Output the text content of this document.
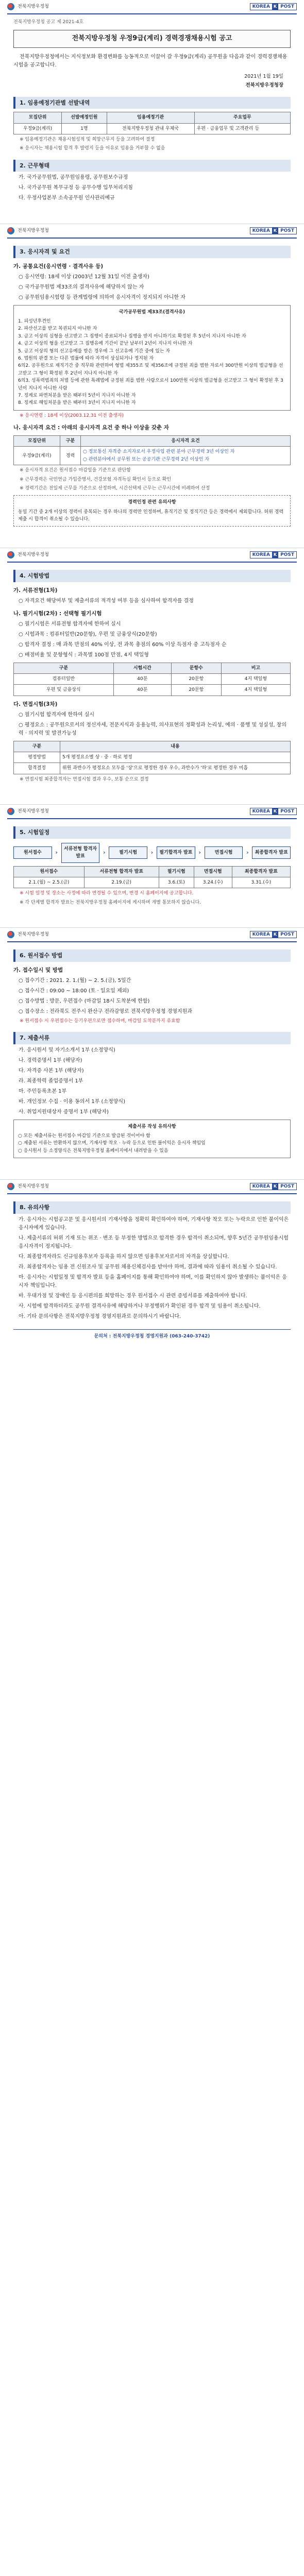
전북지방우정청	KOREA K POST
전북지방우정청 공고 제 2021-4호
전북지방우정청 우정9급(계리) 경력경쟁채용시험 공고
전북지방우정청에서는 지식정보화 환경변화를 능동적으로 이끌어 갈 우정9급(계리) 공무원을 다음과 같이 경력경쟁채용 시험을 공고합니다.
2021년 1월 19일
전북지방우정청장
1. 임용예정기관별 선발내역
모집단위	선발예정인원	임용예정기관	주요업무
우정9급(계리)	1명	전북지방우정청 관내 우체국	우편 · 금융업무 및 고객관리 등
※ 임용예정기관은 채용시험성적 및 희망근무지 등을 고려하여 결정
※ 응시자는 채용시험 합격 후 발령지 등을 이유로 임용을 거부할 수 없음
2. 근무형태
가. 국가공무원법, 공무원임용령, 공무원보수규정
나. 국가공무원 복무규정 등 공무수행 입무처리지침
다. 우정사업본부 소속공무원 인사관리예규
전북지방우정청	KOREA K POST
3. 응시자격 및 요건
가. 공통요건(응시연령 · 결격사유 등)
○ 응시연령: 18세 이상 (2003년 12월 31일 이전 출생자)
○ 국가공무원법 제33조의 결격사유에 해당하지 않는 자
○ 공무원임용시험령 등 관계법령에 의하여 응시자격이 정지되지 아니한 자
국가공무원법 제33조(결격사유)
1. 피성년후견인
2. 파산선고를 받고 복권되지 아니한 자
3. 금고 이상의 실형을 선고받고 그 집행이 종료되거나 집행을 받지 아니하기로 확정된 후 5년이 지나지 아니한 자
4. 금고 이상의 형을 선고받고 그 집행유예 기간이 끝난 날부터 2년이 지나지 아니한 자
5. 금고 이상의 형의 선고유예를 받은 경우에 그 선고유예 기간 중에 있는 자
6. 법원의 판결 또는 다른 법률에 따라 자격이 상실되거나 정지된 자
6의2. 공무원으로 재직기간 중 직무와 관련하여 형법 제355조 및 제356조에 규정된 죄를 범한 자로서 300만원 이상의 벌금형을 선고받고 그 형이 확정된 후 2년이 지나지 아니한 자
6의3. 성폭력범죄의 처벌 등에 관한 특례법에 규정된 죄를 범한 사람으로서 100만원 이상의 벌금형을 선고받고 그 형이 확정된 후 3년이 지나지 아니한 사람
7. 징계로 파면처분을 받은 때부터 5년이 지나지 아니한 자
8. 징계로 해임처분을 받은 때부터 3년이 지나지 아니한 자
※ 응시연령 : 18세 이상(2003.12.31 이전 출생자)
나. 응시자격 요건 : 아래의 응시자격 요건 중 하나 이상을 갖춘 자
모집단위	구분	응시자격 요건
우정9급(계리)	경력	○ 정보통신 자격증 소지자로서 우정사업 관련 분야 근무경력 3년 이상인 자
○ 관련분야에서 공무원 또는 공공기관 근무경력 2년 이상인 자
※ 응시자격 요건은 원서접수 마감일을 기준으로 판단함
※ 근무경력은 국민연금 가입증명서, 건강보험 자격득실 확인서 등으로 확인
※ 경력기간은 전일제 근무를 기준으로 산정하며, 시간선택제 근무는 근무시간에 비례하여 산정
경력인정 관련 유의사항
동일 기간 중 2개 이상의 경력이 중복되는 경우 하나의 경력만 인정하며, 휴직기간 및 정직기간 등은 경력에서 제외합니다. 허위 경력 제출 시 합격이 취소될 수 있습니다.
전북지방우정청	KOREA K POST
4. 시험방법
가. 서류전형(1차)
○ 자격요건 해당여부 및 제출서류의 적격성 여부 등을 심사하여 합격자를 결정
나. 필기시험(2차) : 선택형 필기시험
○ 필기시험은 서류전형 합격자에 한하여 실시
○ 시험과목 : 컴퓨터일반(20문항), 우편 및 금융상식(20문항)
○ 합격자 결정 : 매 과목 만점의 40% 이상, 전 과목 총점의 60% 이상 득점자 중 고득점자 순
○ 배점비율 및 문항형식 : 과목별 100점 만점, 4지 택일형
구분	시험시간	문항수	비고
컴퓨터일반	40분	20문항	4지 택일형
우편 및 금융상식	40분	20문항	4지 택일형
다. 면접시험(3차)
○ 필기시험 합격자에 한하여 실시
○ 평정요소 : 공무원으로서의 정신자세, 전문지식과 응용능력, 의사표현의 정확성과 논리성, 예의 · 품행 및 성실성, 창의력 · 의지력 및 발전가능성
구분	내용
평정방법	5개 평정요소별 상 · 중 · 하로 평정
합격결정	위원 과반수가 평정요소 모두를 '상'으로 평정한 경우 우수, 과반수가 '하'로 평정한 경우 미흡
※ 면접시험 최종합격자는 면접시험 결과 우수, 보통 순으로 결정
전북지방우정청	KOREA K POST
5. 시험일정
원서접수	›
서류전형 합격자 발표
›	필기시험	›	필기합격자 발표	›	면접시험	›	최종합격자 발표
원서접수	서류전형 합격자 발표	필기시험	면접시험	최종합격자 발표
2.1.(월) ~ 2.5.(금)	2.19.(금)	3.6.(토)	3.24.(수)	3.31.(수)
※ 시험 일정 및 장소는 사정에 따라 변경될 수 있으며, 변경 시 홈페이지에 공고합니다.
※ 각 단계별 합격자 발표는 전북지방우정청 홈페이지에 게시하며 개별 통보하지 않습니다.
전북지방우정청	KOREA K POST
6. 원서접수 방법
가. 접수일시 및 방법
○ 접수기간 : 2021. 2. 1.(월) ~ 2. 5.(금), 5일간
○ 접수시간 : 09:00 ~ 18:00 (토 · 일요일 제외)
○ 접수방법 : 방문, 우편접수 (마감일 18시 도착분에 한함)
○ 접수장소 : 전라북도 전주시 완산구 전라감영로 전북지방우정청 경영지원과
※ 원서접수 시 우편접수는 등기우편으로만 접수하며, 마감일 도착분까지 유효함
7. 제출서류
가. 응시원서 및 자기소개서 1부 (소정양식)
나. 경력증명서 1부 (해당자)
다. 자격증 사본 1부 (해당자)
라. 최종학력 졸업증명서 1부
마. 주민등록초본 1부
바. 개인정보 수집 · 이용 동의서 1부 (소정양식)
사. 취업지원대상자 증명서 1부 (해당자)
제출서류 작성 유의사항
○ 모든 제출서류는 원서접수 마감일 기준으로 발급된 것이어야 함
○ 제출된 서류는 반환하지 않으며, 기재사항 착오 · 누락 등으로 인한 불이익은 응시자 책임임
○ 응시원서 등 소정양식은 전북지방우정청 홈페이지에서 내려받을 수 있음
전북지방우정청	KOREA K POST
8. 유의사항
가. 응시자는 시험공고문 및 응시원서의 기재사항을 정확히 확인하여야 하며, 기재사항 착오 또는 누락으로 인한 불이익은 응시자에게 있습니다.
나. 제출서류의 허위 기재 또는 위조 · 변조 등 부정한 방법으로 합격한 경우 합격이 취소되며, 향후 5년간 공무원임용시험 응시자격이 정지됩니다.
다. 최종합격자라도 신규임용후보자 등록을 하지 않으면 임용후보자로서의 자격을 상실합니다.
라. 최종합격자는 임용 전 신원조사 및 공무원 채용신체검사를 받아야 하며, 결과에 따라 임용이 취소될 수 있습니다.
마. 응시자는 시험일정 및 합격자 발표 등을 홈페이지를 통해 확인하여야 하며, 이를 확인하지 않아 발생하는 불이익은 응시자 책임입니다.
바. 우대가점 및 장애인 등 응시편의를 희망하는 경우 원서접수 시 관련 증빙서류를 제출하여야 합니다.
사. 시험에 합격하더라도 공무원 결격사유에 해당하거나 부정행위가 확인된 경우 합격 및 임용이 취소됩니다.
아. 기타 문의사항은 전북지방우정청 경영지원과로 문의하시기 바랍니다.
문의처 : 전북지방우정청 경영지원과 (063-240-3742)
